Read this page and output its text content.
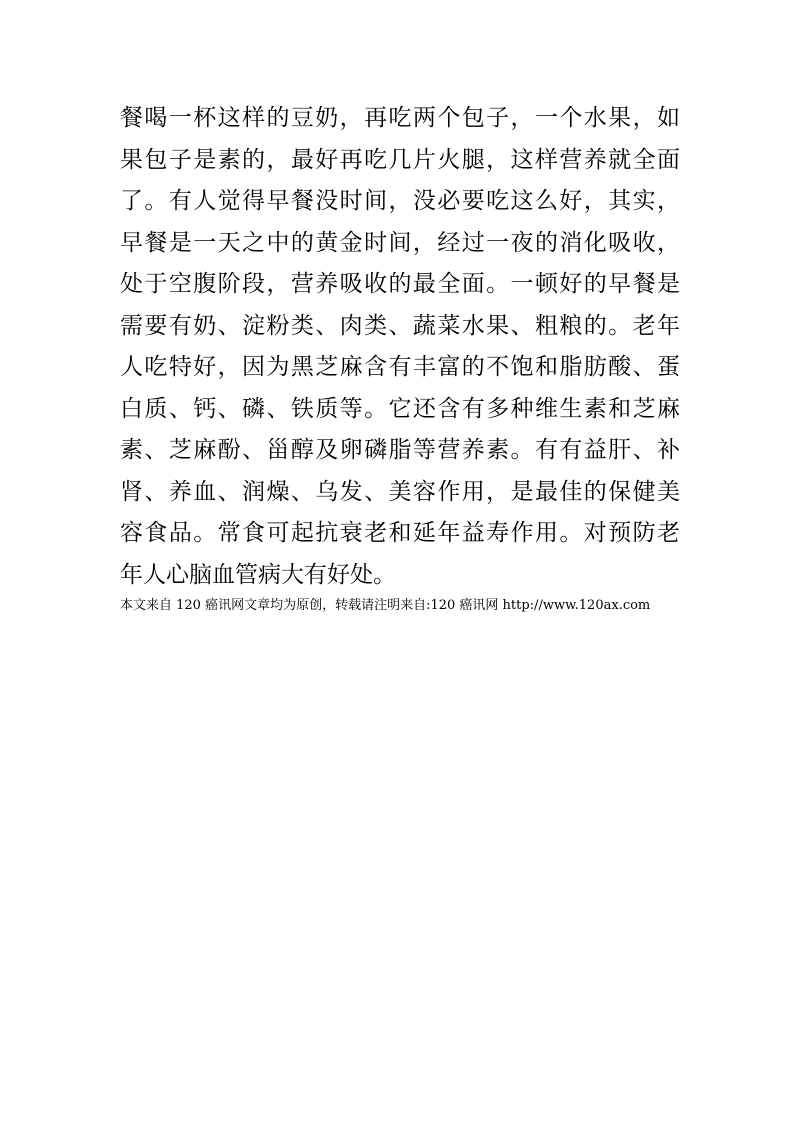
餐喝一杯这样的豆奶，再吃两个包子，一个水果，如
果包子是素的，最好再吃几片火腿，这样营养就全面
了。有人觉得早餐没时间，没必要吃这么好，其实，
早餐是一天之中的黄金时间，经过一夜的消化吸收，
处于空腹阶段，营养吸收的最全面。一顿好的早餐是
需要有奶、淀粉类、肉类、蔬菜水果、粗粮的。老年
人吃特好，因为黑芝麻含有丰富的不饱和脂肪酸、蛋
白质、钙、磷、铁质等。它还含有多种维生素和芝麻
素、芝麻酚、甾醇及卵磷脂等营养素。有有益肝、补
肾、养血、润燥、乌发、美容作用，是最佳的保健美
容食品。常食可起抗衰老和延年益寿作用。对预防老
年人心脑血管病大有好处。

本文来自 120 癌讯网文章均为原创，转载请注明来自:120 癌讯网 http://www.120ax.com
